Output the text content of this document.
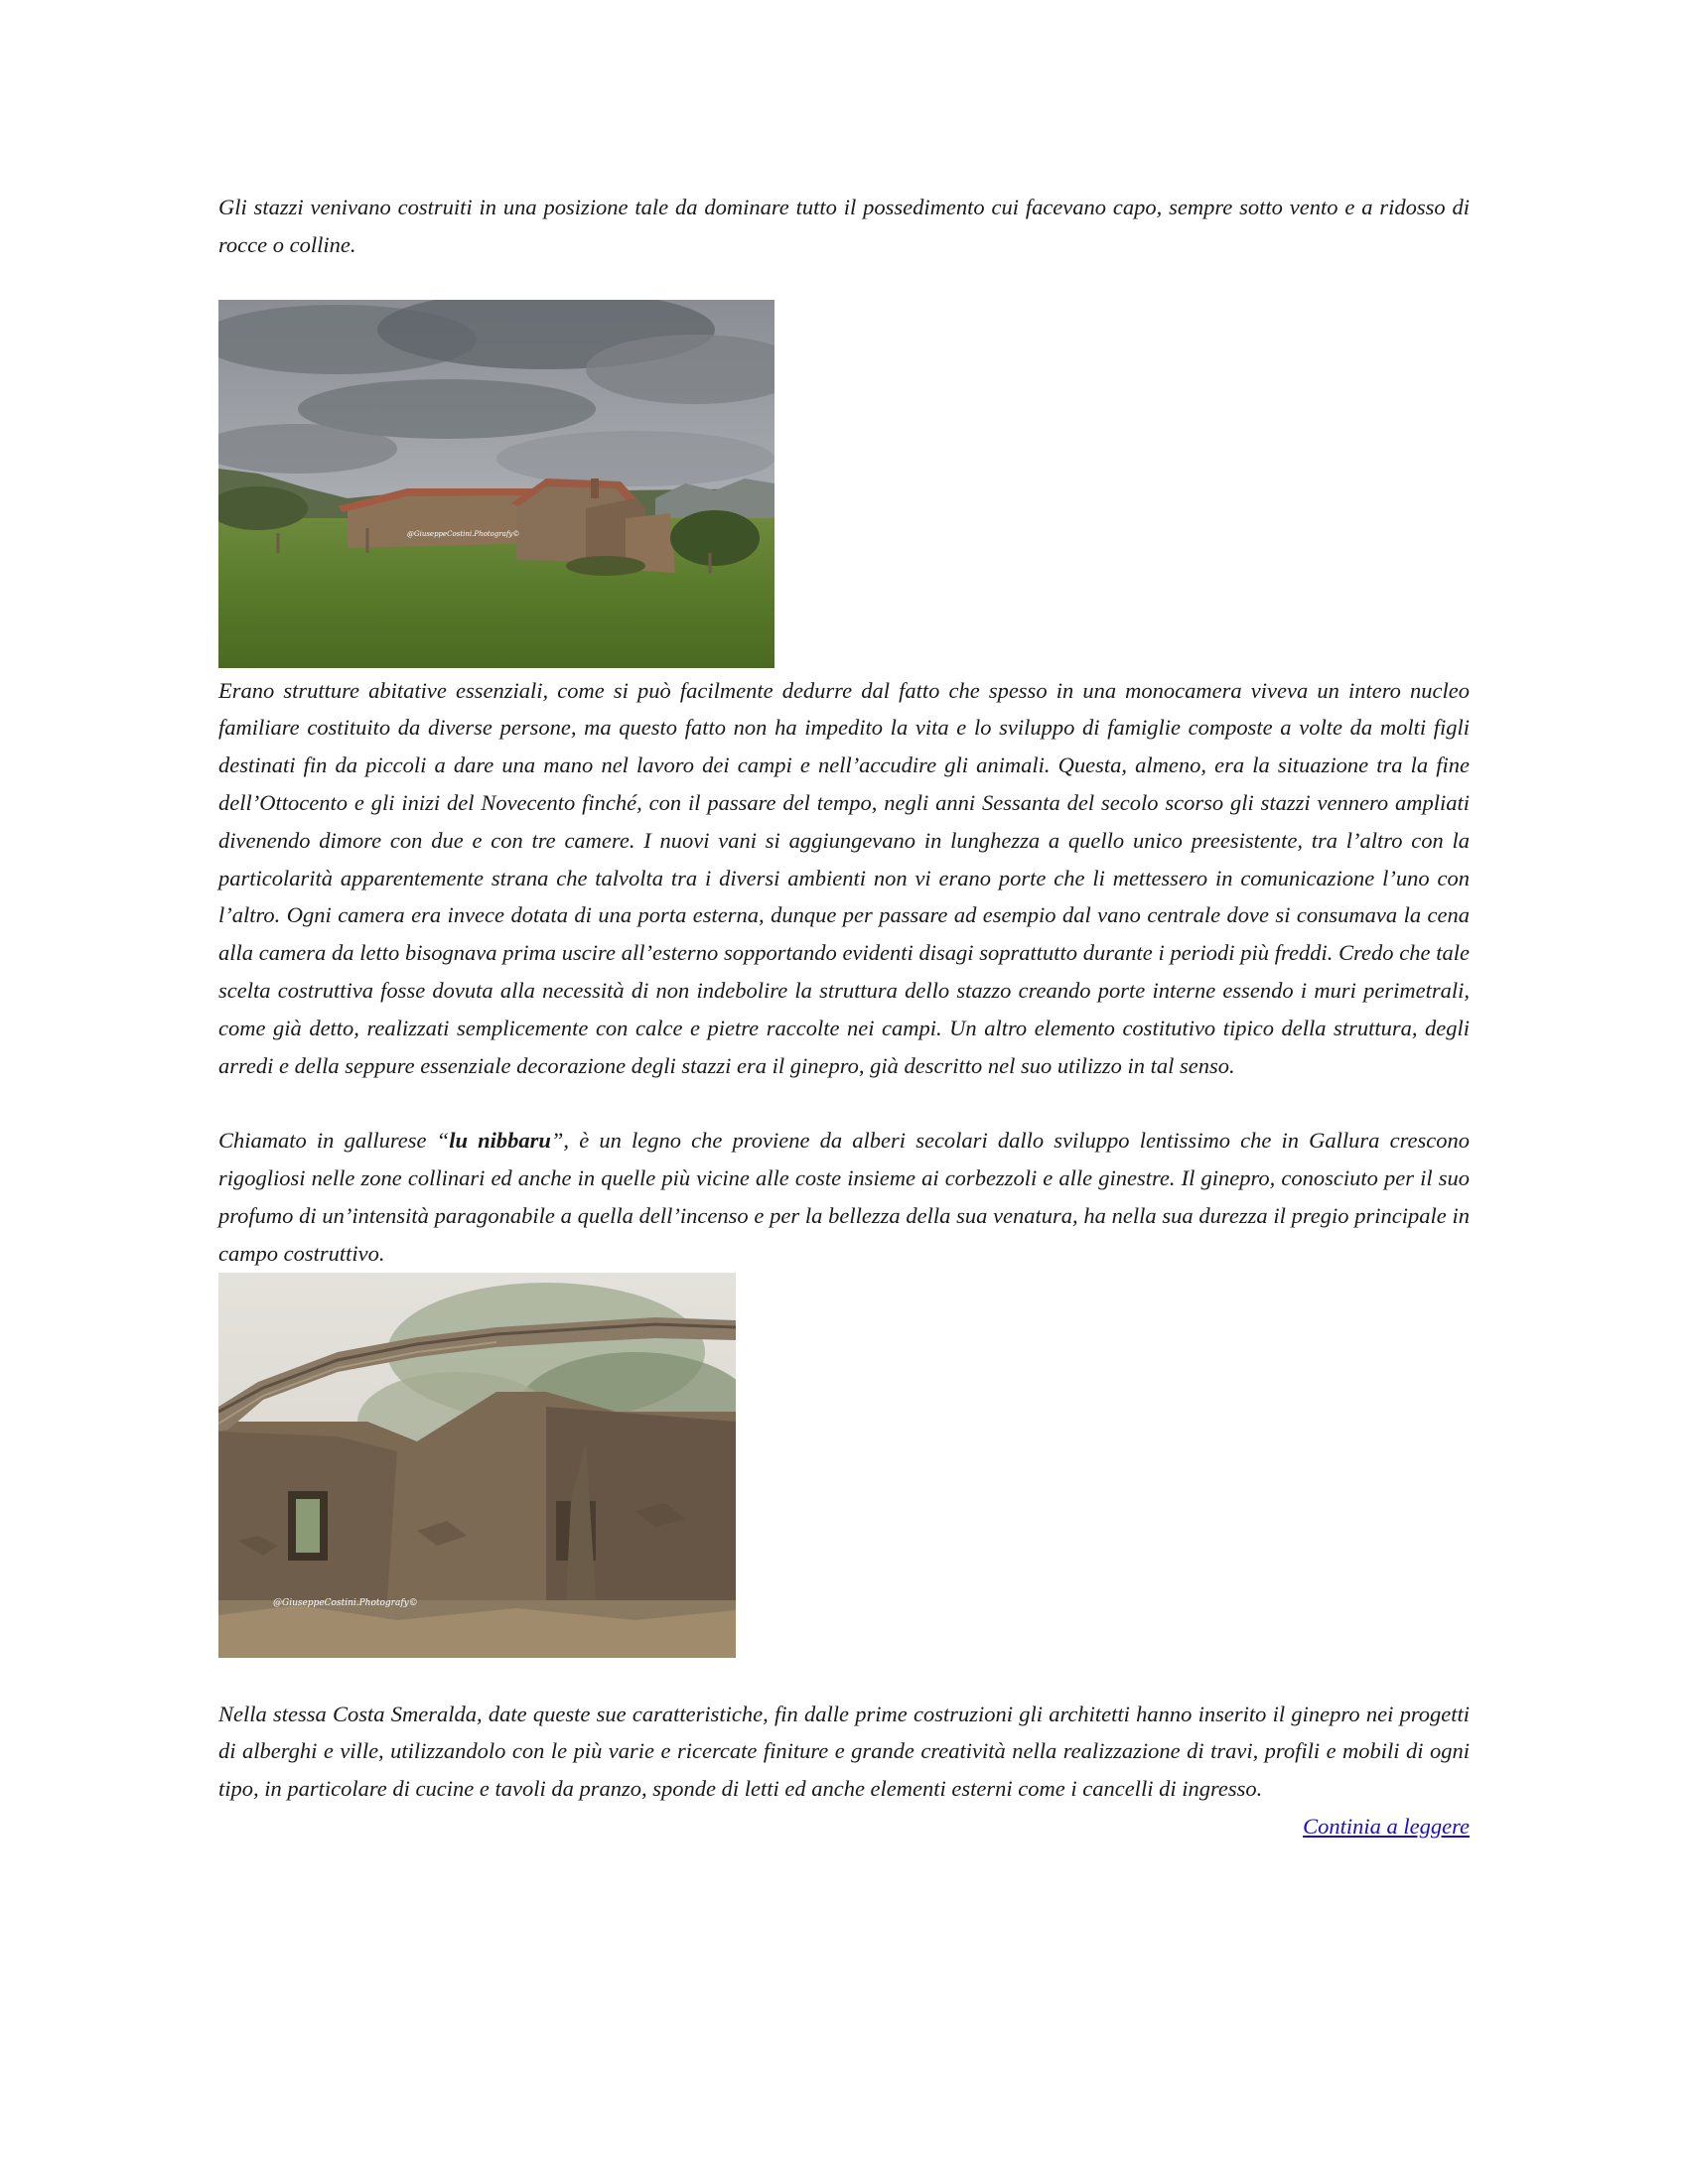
Gli stazzi venivano costruiti in una posizione tale da dominare tutto il possedimento cui facevano capo, sempre sotto vento e a ridosso di rocce o colline.

@GiuseppeCostini.Photografy©

Erano strutture abitative essenziali, come si può facilmente dedurre dal fatto che spesso in una monocamera viveva un intero nucleo familiare costituito da diverse persone, ma questo fatto non ha impedito la vita e lo sviluppo di famiglie composte a volte da molti figli destinati fin da piccoli a dare una mano nel lavoro dei campi e nell’accudire gli animali. Questa, almeno, era la situazione tra la fine dell’Ottocento e gli inizi del Novecento finché, con il passare del tempo, negli anni Sessanta del secolo scorso gli stazzi vennero ampliati divenendo dimore con due e con tre camere. I nuovi vani si aggiungevano in lunghezza a quello unico preesistente, tra l’altro con la particolarità apparentemente strana che talvolta tra i diversi ambienti non vi erano porte che li mettessero in comunicazione l’uno con l’altro. Ogni camera era invece dotata di una porta esterna, dunque per passare ad esempio dal vano centrale dove si consumava la cena alla camera da letto bisognava prima uscire all’esterno sopportando evidenti disagi soprattutto durante i periodi più freddi. Credo che tale scelta costruttiva fosse dovuta alla necessità di non indebolire la struttura dello stazzo creando porte interne essendo i muri perimetrali, come già detto, realizzati semplicemente con calce e pietre raccolte nei campi. Un altro elemento costitutivo tipico della struttura, degli arredi e della seppure essenziale decorazione degli stazzi era il ginepro, già descritto nel suo utilizzo in tal senso.

Chiamato in gallurese “lu nibbaru”, è un legno che proviene da alberi secolari dallo sviluppo lentissimo che in Gallura crescono rigogliosi nelle zone collinari ed anche in quelle più vicine alle coste insieme ai corbezzoli e alle ginestre. Il ginepro, conosciuto per il suo profumo di un’intensità paragonabile a quella dell’incenso e per la bellezza della sua venatura, ha nella sua durezza il pregio principale in campo costruttivo.

@GiuseppeCostini.Photografy©

Nella stessa Costa Smeralda, date queste sue caratteristiche, fin dalle prime costruzioni gli architetti hanno inserito il ginepro nei progetti di alberghi e ville, utilizzandolo con le più varie e ricercate finiture e grande creatività nella realizzazione di travi, profili e mobili di ogni tipo, in particolare di cucine e tavoli da pranzo, sponde di letti ed anche elementi esterni come i cancelli di ingresso.

Continia a leggere
